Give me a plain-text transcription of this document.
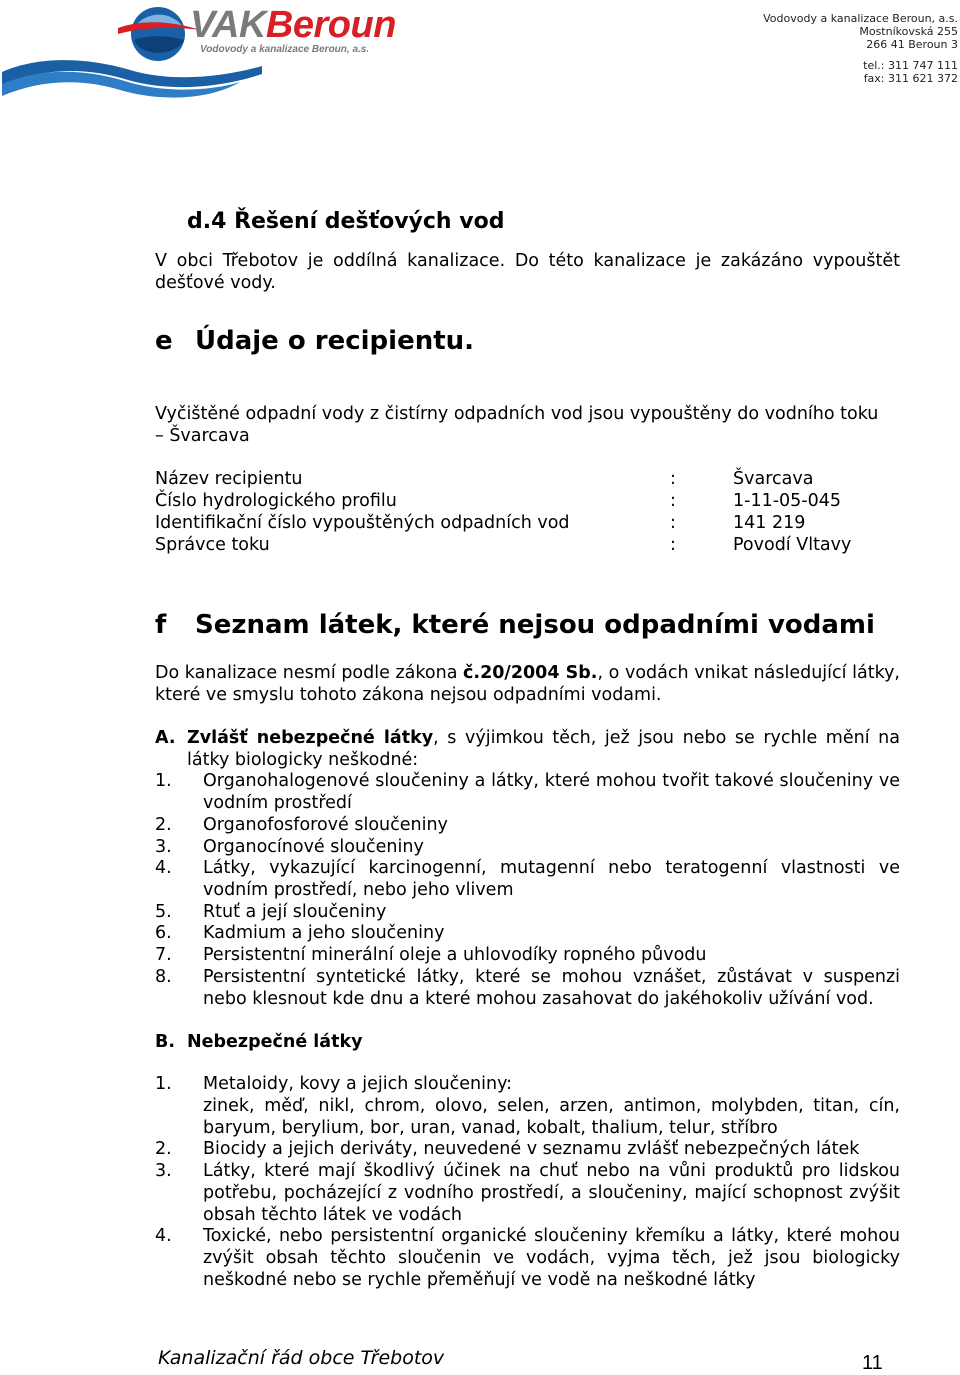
VAKBeroun
Vodovody a kanalizace Beroun, a.s.
Vodovody a kanalizace Beroun, a.s.
Mostníkovská 255
266 41 Beroun 3
tel.: 311 747 111
fax: 311 621 372
d.4 Řešení dešťových vod
V obci Třebotov je oddílná kanalizace. Do této kanalizace je zakázáno vypouštět dešťové vody.
e Údaje o recipientu.
Vyčištěné odpadní vody z čistírny odpadních vod jsou vypouštěny do vodního toku
– Švarcava
Název recipientu	:	Švarcava
Číslo hydrologického profilu	:	1-11-05-045
Identifikační číslo vypouštěných odpadních vod	:	141 219
Správce toku	:	Povodí Vltavy
f Seznam látek, které nejsou odpadními vodami
Do kanalizace nesmí podle zákona č.20/2004 Sb., o vodách vnikat následující látky, které ve smyslu tohoto zákona nejsou odpadními vodami.
A. Zvlášť nebezpečné látky, s výjimkou těch, jež jsou nebo se rychle mění na látky biologicky neškodné:
1.	Organohalogenové sloučeniny a látky, které mohou tvořit takové sloučeniny ve vodním prostředí
2.	Organofosforové sloučeniny
3.	Organocínové sloučeniny
4.	Látky, vykazující karcinogenní, mutagenní nebo teratogenní vlastnosti ve vodním prostředí, nebo jeho vlivem
5.	Rtuť a její sloučeniny
6.	Kadmium a jeho sloučeniny
7.	Persistentní minerální oleje a uhlovodíky ropného původu
8.	Persistentní syntetické látky, které se mohou vznášet, zůstávat v suspenzi nebo klesnout kde dnu a které mohou zasahovat do jakéhokoliv užívání vod.
B. Nebezpečné látky
1.	Metaloidy, kovy a jejich sloučeniny:
zinek, měď, nikl, chrom, olovo, selen, arzen, antimon, molybden, titan, cín, baryum, berylium, bor, uran, vanad, kobalt, thalium, telur, stříbro
2.	Biocidy a jejich deriváty, neuvedené v seznamu zvlášť nebezpečných látek
3.	Látky, které mají škodlivý účinek na chuť nebo na vůni produktů pro lidskou potřebu, pocházející z vodního prostředí, a sloučeniny, mající schopnost zvýšit obsah těchto látek ve vodách
4.	Toxické, nebo persistentní organické sloučeniny křemíku a látky, které mohou zvýšit obsah těchto sloučenin ve vodách, vyjma těch, jež jsou biologicky neškodné nebo se rychle přeměňují ve vodě na neškodné látky
Kanalizační řád obce Třebotov	11
